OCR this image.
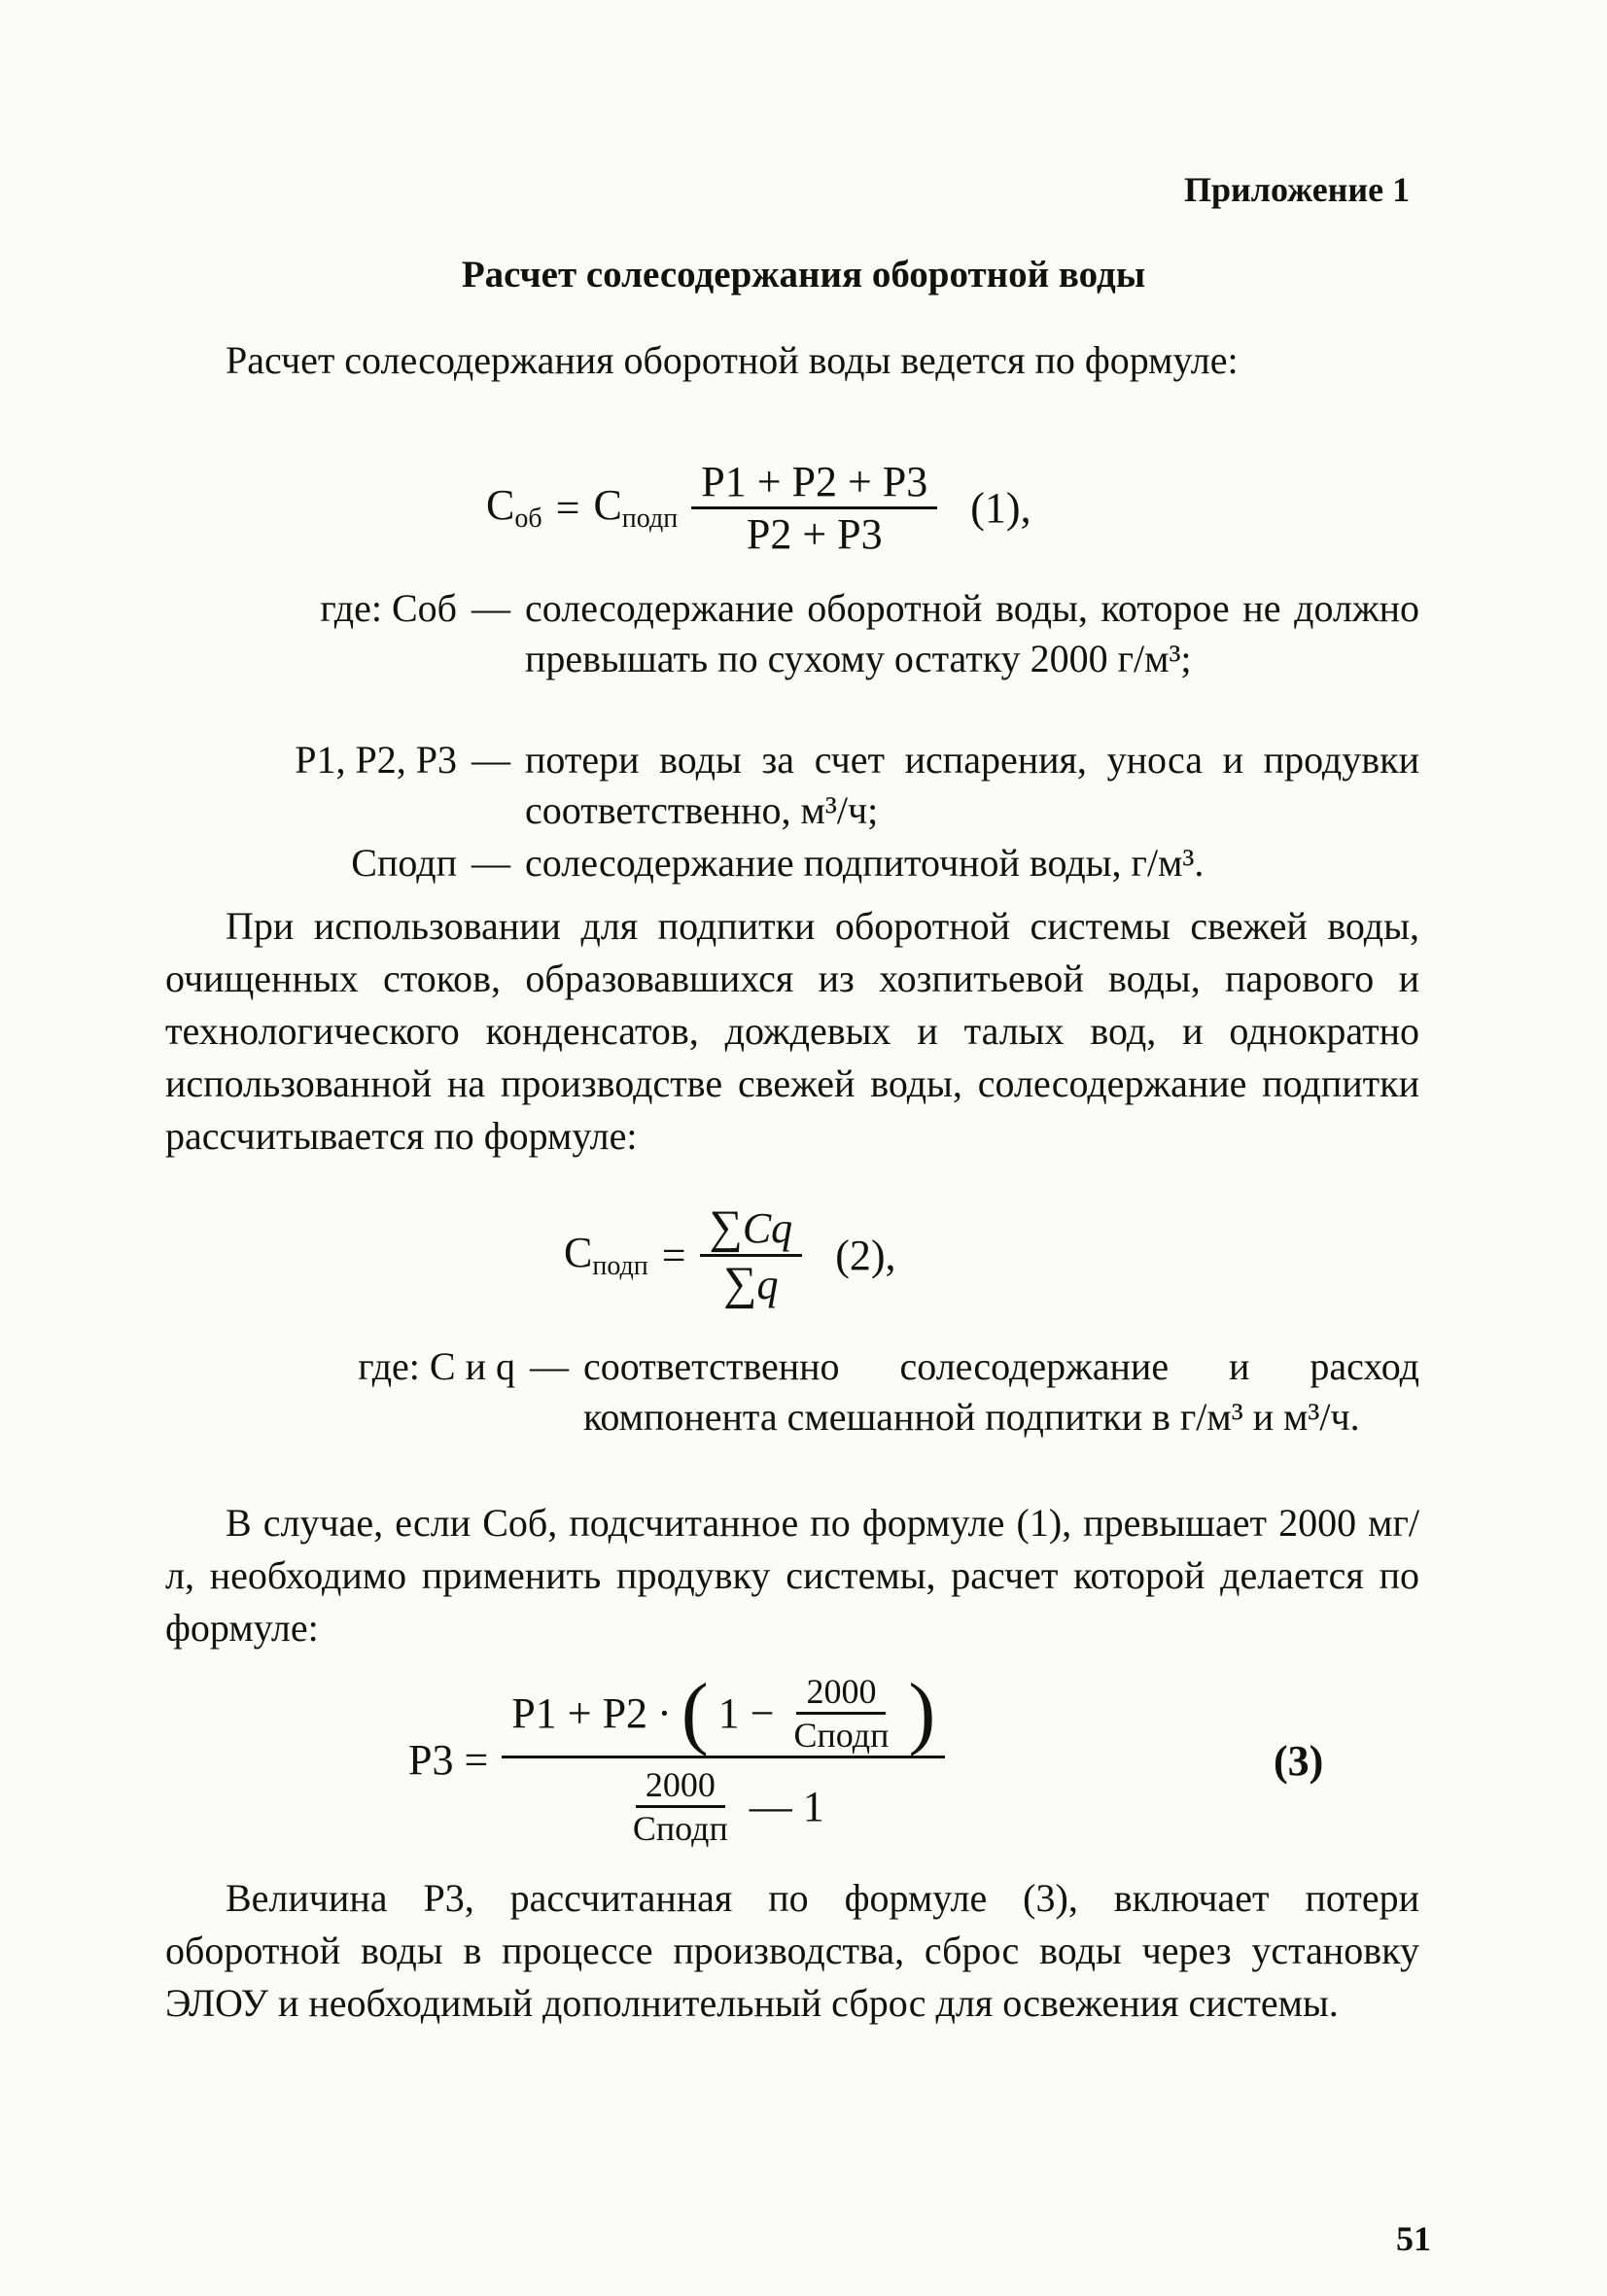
Приложение 1
Расчет солесодержания оборотной воды
Расчет солесодержания оборотной воды ведется по формуле:
$С_{об} = С_{подп} \frac{Р1 + Р2 + Р3}{Р2 + Р3} (1)$,
где: Соб — солесодержание оборотной воды, которое не должно превышать по сухому остатку 2000 г/м³;
Р1, Р2, Р3 — потери воды за счет испарения, уноса и продувки соответственно, м³/ч;
Сподп — солесодержание подпиточной воды, г/м³.
При использовании для подпитки оборотной системы свежей воды, очищенных стоков, образовавшихся из хозпитьевой воды, парового и технологического конденсатов, дождевых и талых вод, и однократно использованной на производстве свежей воды, солесодержание подпитки рассчитывается по формуле:
$С_{подп} = \frac{\sum Cq}{\sum q} (2)$,
где: С и q — соответственно солесодержание и расход компонента смешанной подпитки в г/м³ и м³/ч.
В случае, если Соб, подсчитанное по формуле (1), превышает 2000 мг/л, необходимо применить продувку системы, расчет которой делается по формуле:
Р3 =
Р1 + Р2 · ( $1 - \frac{2000}{\text{Сподп}}$ )
$\frac{2000}{\text{Сподп}}$ — 1
(3)
Величина Р3, рассчитанная по формуле (3), включает потери оборотной воды в процессе производства, сброс воды через установку ЭЛОУ и необходимый дополнительный сброс для освежения системы.
51
